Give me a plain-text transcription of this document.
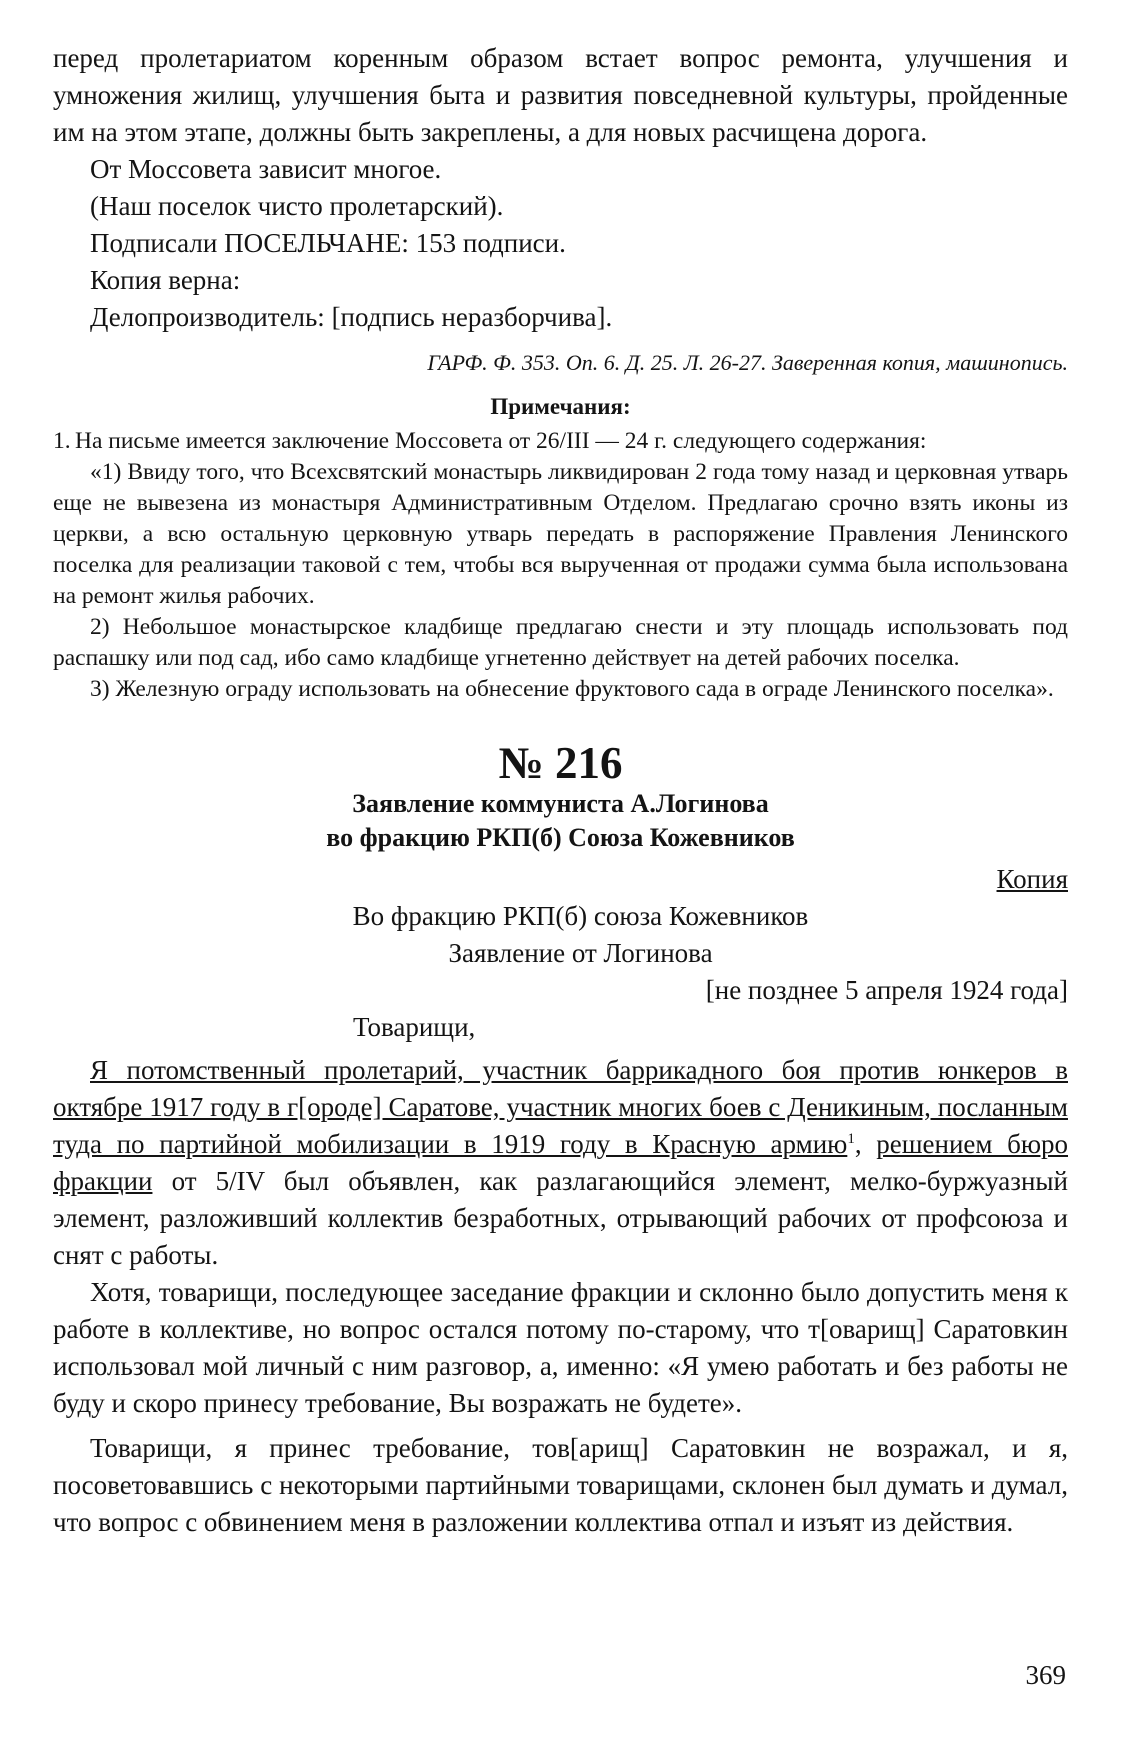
перед пролетариатом коренным образом встает вопрос ремонта, улучшения и умножения жилищ, улучшения быта и развития повседневной культуры, пройденные им на этом этапе, должны быть закреплены, а для новых расчищена дорога.

От Моссовета зависит многое.

(Наш поселок чисто пролетарский).

Подписали ПОСЕЛЬЧАНЕ: 153 подписи.

Копия верна:

Делопроизводитель: [подпись неразборчива].

ГАРФ. Ф. 353. Оп. 6. Д. 25. Л. 26-27. Заверенная копия, машинопись.

Примечания:
1. На письме имеется заключение Моссовета от 26/III — 24 г. следующего содержания:

«1) Ввиду того, что Всехсвятский монастырь ликвидирован 2 года тому назад и церковная утварь еще не вывезена из монастыря Административным Отделом. Предлагаю срочно взять иконы из церкви, а всю остальную церковную утварь передать в распоряжение Правления Ленинского поселка для реализации таковой с тем, чтобы вся вырученная от продажи сумма была использована на ремонт жилья рабочих.

2) Небольшое монастырское кладбище предлагаю снести и эту площадь использовать под распашку или под сад, ибо само кладбище угнетенно действует на детей рабочих поселка.

3) Железную ограду использовать на обнесение фруктового сада в ограде Ленинского поселка».

№ 216
Заявление коммуниста А.Логинова
во фракцию РКП(б) Союза Кожевников
Копия
Во фракцию РКП(б) союза Кожевников
Заявление от Логинова
[не позднее 5 апреля 1924 года]
Товарищи,

Я потомственный пролетарий, участник баррикадного боя против юнкеров в октябре 1917 году в г[ороде] Саратове, участник многих боев с Деникиным, посланным туда по партийной мобилизации в 1919 году в Красную армию$^1$, решением бюро фракции от 5/IV был объявлен, как разлагающийся элемент, мелко-буржуазный элемент, разложивший коллектив безработных, отрывающий рабочих от профсоюза и снят с работы.

Хотя, товарищи, последующее заседание фракции и склонно было допустить меня к работе в коллективе, но вопрос остался потому по-старому, что т[оварищ] Саратовкин использовал мой личный с ним разговор, а, именно: «Я умею работать и без работы не буду и скоро принесу требование, Вы возражать не будете».

Товарищи, я принес требование, тов[арищ] Саратовкин не возражал, и я, посоветовавшись с некоторыми партийными товарищами, склонен был думать и думал, что вопрос с обвинением меня в разложении коллектива отпал и изъят из действия.

369
